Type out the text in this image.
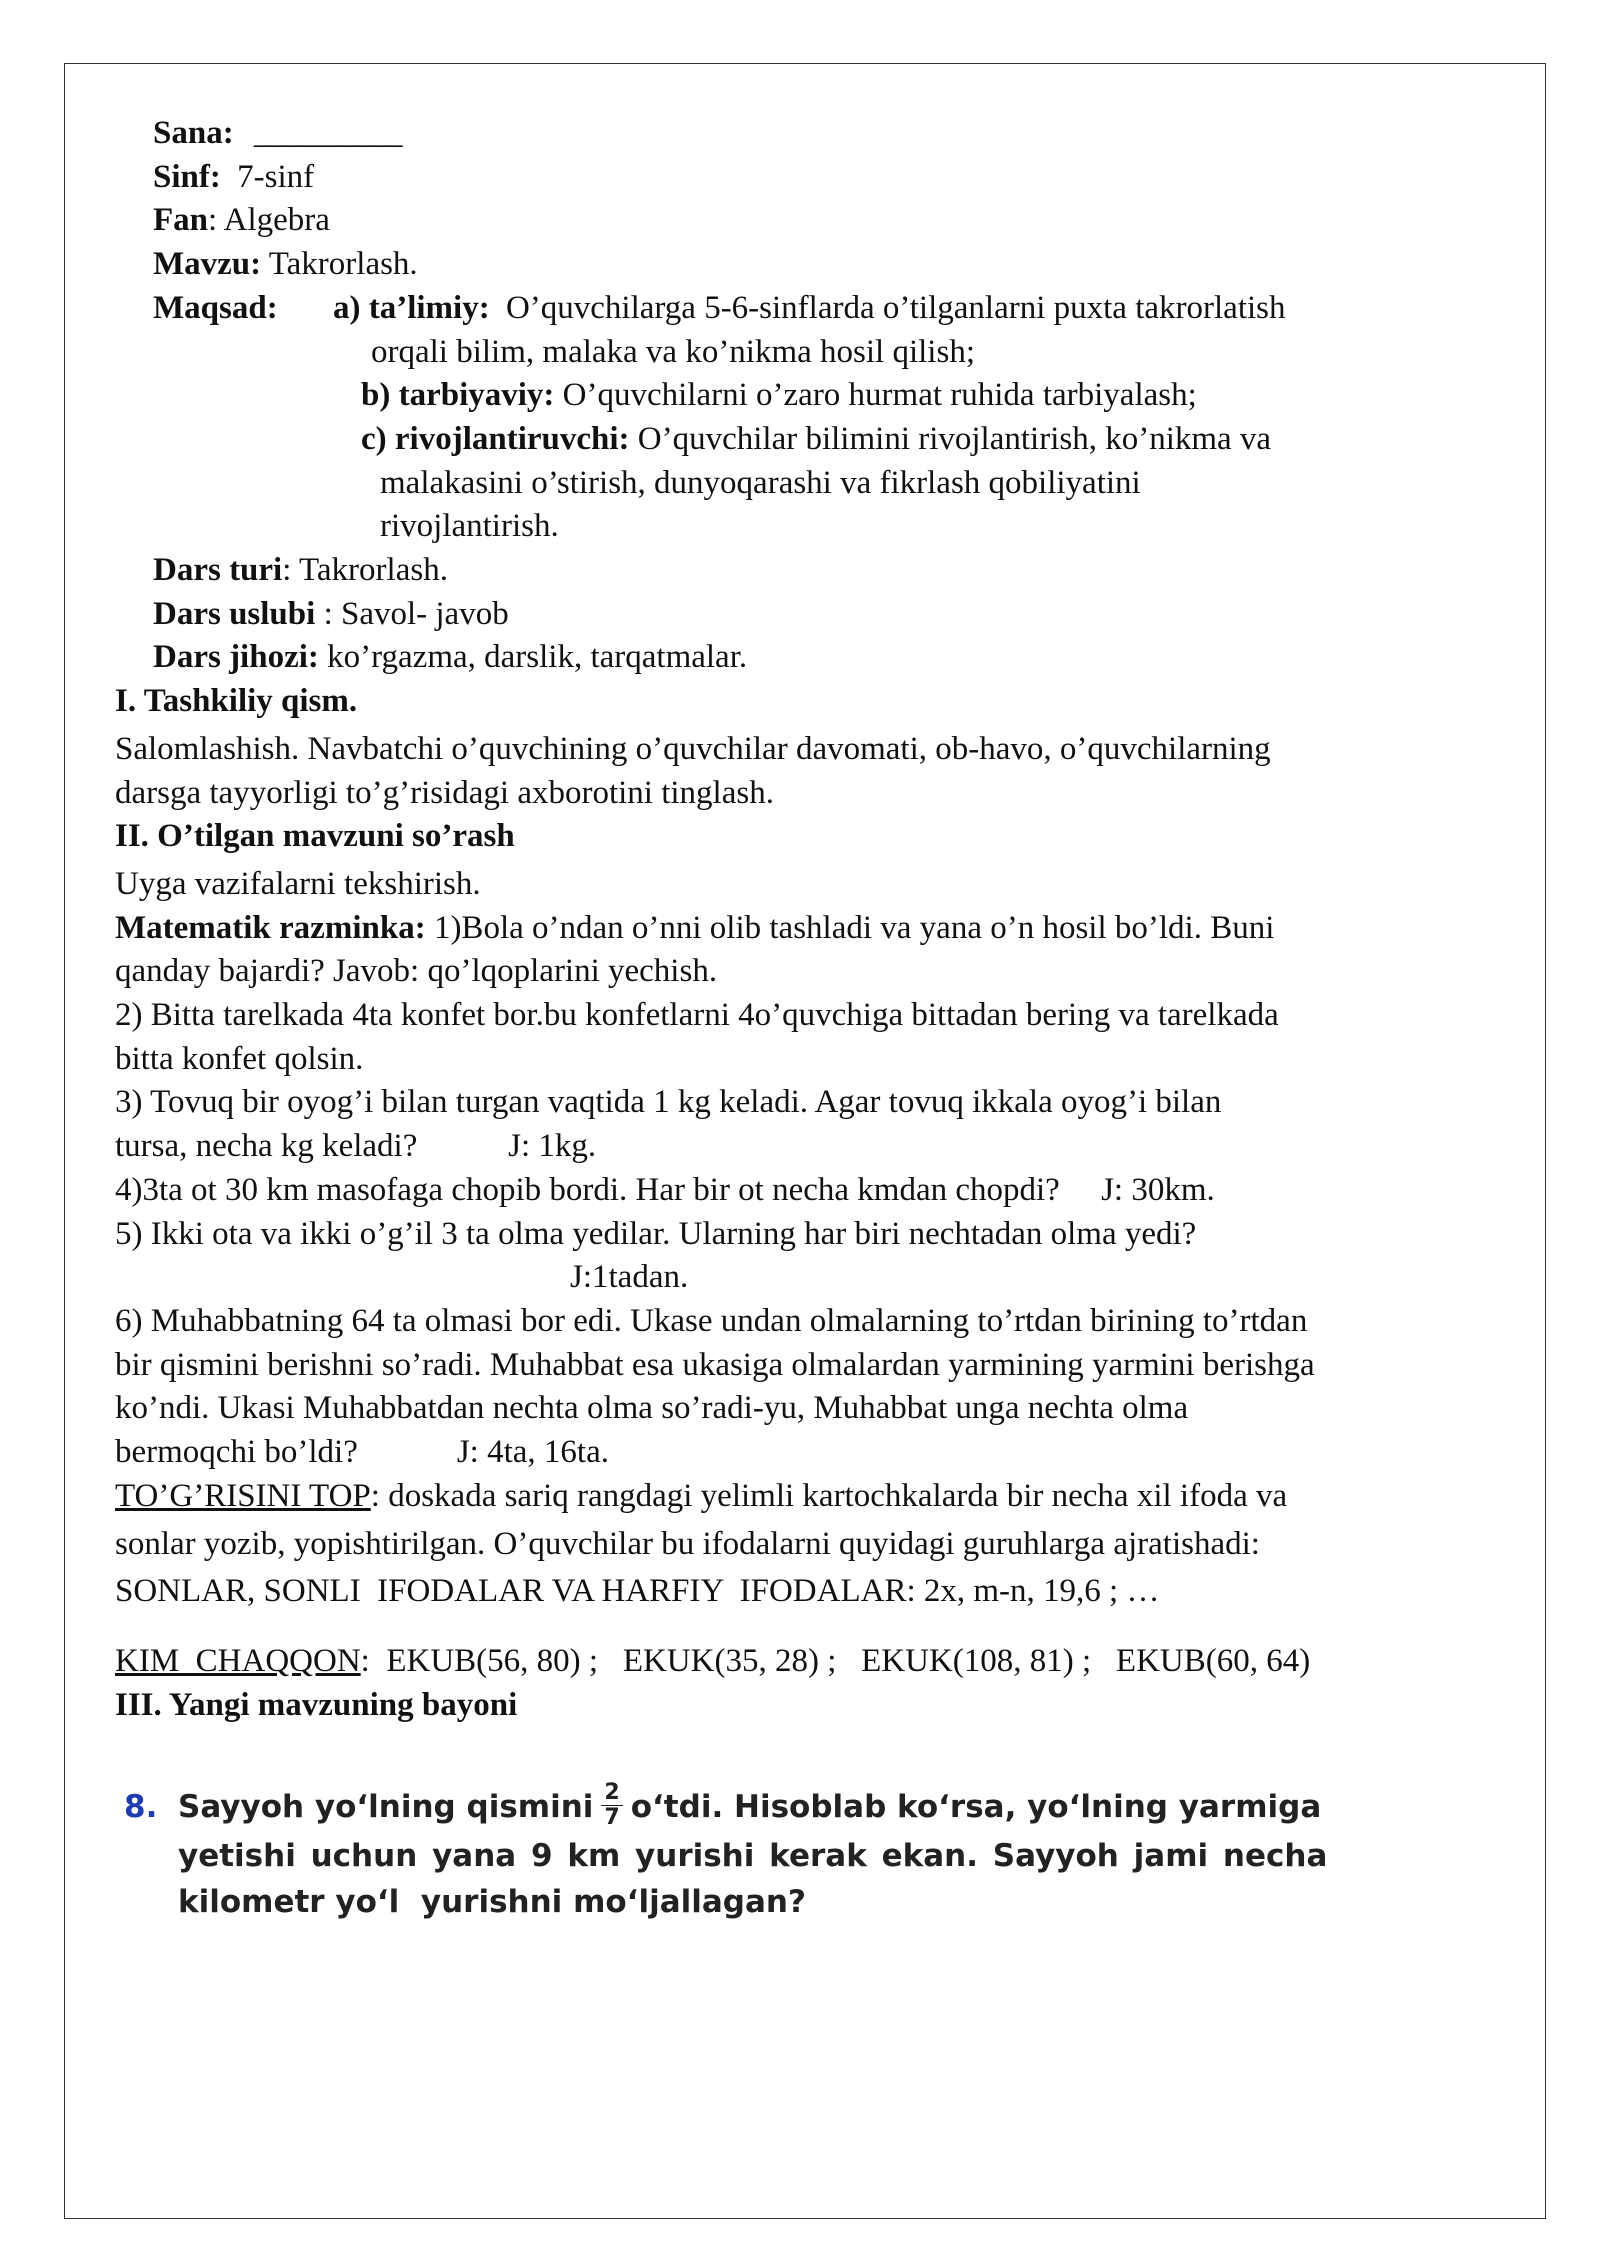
Sana: _________
Sinf: 7-sinf
Fan: Algebra
Mavzu: Takrorlash.
Maqsad: a) ta’limiy: O’quvchilarga 5-6-sinflarda o’tilganlarni puxta takrorlatish
orqali bilim, malaka va ko’nikma hosil qilish;
b) tarbiyaviy: O’quvchilarni o’zaro hurmat ruhida tarbiyalash;
c) rivojlantiruvchi: O’quvchilar bilimini rivojlantirish, ko’nikma va
malakasini o’stirish, dunyoqarashi va fikrlash qobiliyatini
rivojlantirish.
Dars turi: Takrorlash.
Dars uslubi : Savol- javob
Dars jihozi: ko’rgazma, darslik, tarqatmalar.
I. Tashkiliy qism.
Salomlashish. Navbatchi o’quvchining o’quvchilar davomati, ob-havo, o’quvchilarning
darsga tayyorligi to’g’risidagi axborotini tinglash.
II. O’tilgan mavzuni so’rash
Uyga vazifalarni tekshirish.
Matematik razminka: 1)Bola o’ndan o’nni olib tashladi va yana o’n hosil bo’ldi. Buni
qanday bajardi? Javob: qo’lqoplarini yechish.
2) Bitta tarelkada 4ta konfet bor.bu konfetlarni 4o’quvchiga bittadan bering va tarelkada
bitta konfet qolsin.
3) Tovuq bir oyog’i bilan turgan vaqtida 1 kg keladi. Agar tovuq ikkala oyog’i bilan
tursa, necha kg keladi?           J: 1kg.
4)3ta ot 30 km masofaga chopib bordi. Har bir ot necha kmdan chopdi?     J: 30km.
5) Ikki ota va ikki o’g’il 3 ta olma yedilar. Ularning har biri nechtadan olma yedi?
J:1tadan.
6) Muhabbatning 64 ta olmasi bor edi. Ukase undan olmalarning to’rtdan birining to’rtdan
bir qismini berishni so’radi. Muhabbat esa ukasiga olmalardan yarmining yarmini berishga
ko’ndi. Ukasi Muhabbatdan nechta olma so’radi-yu, Muhabbat unga nechta olma
bermoqchi bo’ldi?            J: 4ta, 16ta.
TO’G’RISINI TOP: doskada sariq rangdagi yelimli kartochkalarda bir necha xil ifoda va
sonlar yozib, yopishtirilgan. O’quvchilar bu ifodalarni quyidagi guruhlarga ajratishadi:
SONLAR, SONLI  IFODALAR VA HARFIY  IFODALAR: 2x, m-n, 19,6 ; …
KIM  CHAQQON:  EKUB(56, 80) ;   EKUK(35, 28) ;   EKUK(108, 81) ;   EKUB(60, 64)
III. Yangi mavzuning bayoni
8. Sayyoh yo‘lning qismini $\frac{2}{7}$ o‘tdi. Hisoblab ko‘rsa, yo‘lning yarmiga
yetishi uchun yana 9 km yurishi kerak ekan. Sayyoh jami necha
kilometr yo‘l  yurishni mo‘ljallagan?
